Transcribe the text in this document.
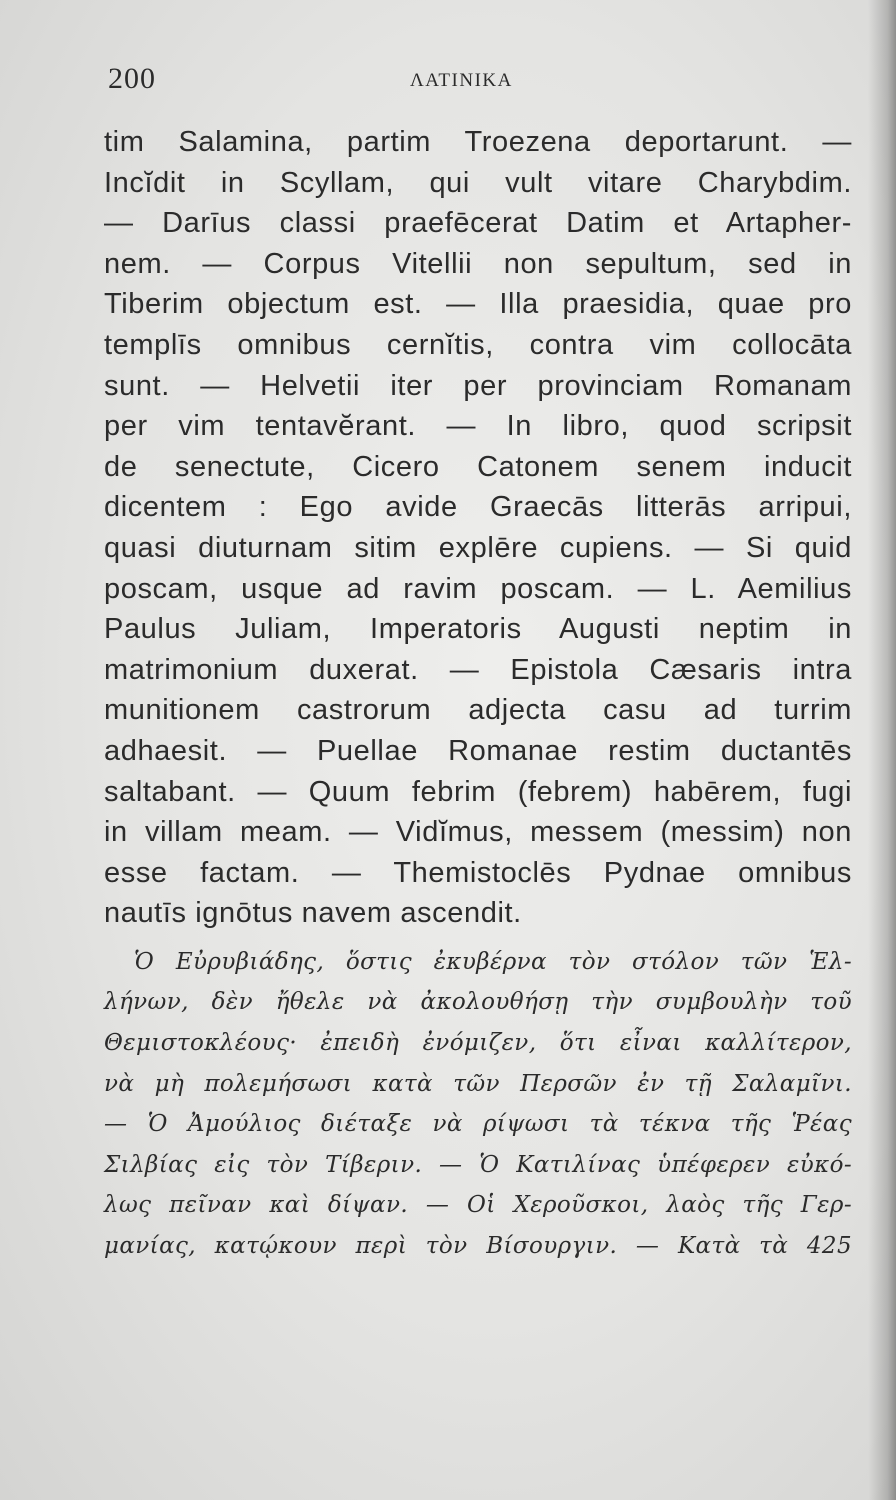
200	ΛΑΤΙΝΙΚΑ
tim Salamina, partim Troezena deportarunt. —
Incĭdit in Scyllam, qui vult vitare Charybdim.
— Darīus classi praefēcerat Datim et Artapher-
nem. — Corpus Vitellii non sepultum, sed in
Tiberim objectum est. — Illa praesidia, quae pro
templīs omnibus cernĭtis, contra vim collocāta
sunt. — Helvetii iter per provinciam Romanam
per vim tentavĕrant. — In libro, quod scripsit
de senectute, Cicero Catonem senem inducit
dicentem : Ego avide Graecās litterās arripui,
quasi diuturnam sitim explēre cupiens. — Si quid
poscam, usque ad ravim poscam. — L. Aemilius
Paulus Juliam, Imperatoris Augusti neptim in
matrimonium duxerat. — Epistola Cæsaris intra
munitionem castrorum adjecta casu ad turrim
adhaesit. — Puellae Romanae restim ductantēs
saltabant. — Quum febrim (febrem) habērem, fugi
in villam meam. — Vidĭmus, messem (messim) non
esse factam. — Themistoclēs Pydnae omnibus
nautīs ignōtus navem ascendit.
Ὁ Εὐρυβιάδης, ὅστις ἐκυβέρνα τὸν στόλον τῶν Ἑλ-
λήνων, δὲν ἤθελε νὰ ἀκολουθήσῃ τὴν συμβουλὴν τοῦ
Θεμιστοκλέους· ἐπειδὴ ἐνόμιζεν, ὅτι εἶναι καλλίτερον,
νὰ μὴ πολεμήσωσι κατὰ τῶν Περσῶν ἐν τῇ Σαλαμῖνι.
— Ὁ Ἀμούλιος διέταξε νὰ ρίψωσι τὰ τέκνα τῆς Ῥέας
Σιλβίας εἰς τὸν Τίβεριν. — Ὁ Κατιλίνας ὑπέφερεν εὐκό-
λως πεῖναν καὶ δίψαν. — Οἱ Χεροῦσκοι, λαὸς τῆς Γερ-
μανίας, κατῴκουν περὶ τὸν Βίσουργιν. — Κατὰ τὰ 425
